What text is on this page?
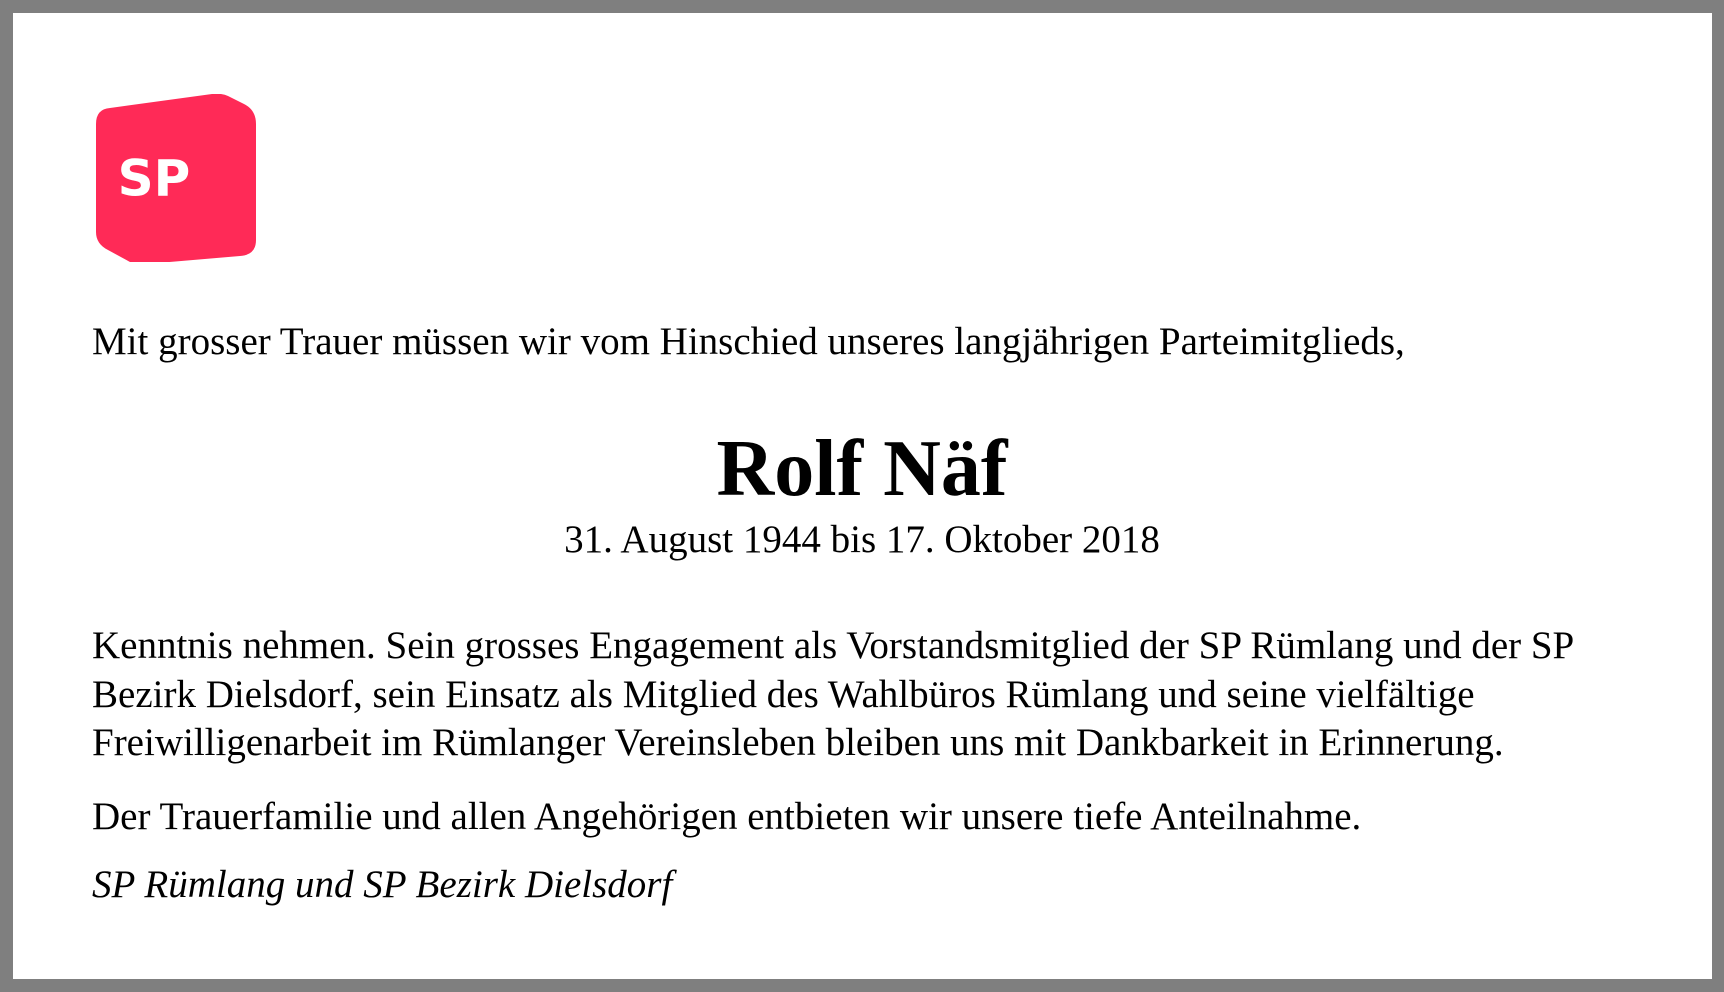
SP

Mit grosser Trauer müssen wir vom Hinschied unseres langjährigen Parteimitglieds,

Rolf Näf

31. August 1944 bis 17. Oktober 2018

Kenntnis nehmen. Sein grosses Engagement als Vorstandsmitglied der SP Rümlang und der SP Bezirk Dielsdorf, sein Einsatz als Mitglied des Wahlbüros Rümlang und seine vielfältige Freiwilligenarbeit im Rümlanger Vereinsleben bleiben uns mit Dankbarkeit in Erinnerung.

Der Trauerfamilie und allen Angehörigen entbieten wir unsere tiefe Anteilnahme.

SP Rümlang und SP Bezirk Dielsdorf
